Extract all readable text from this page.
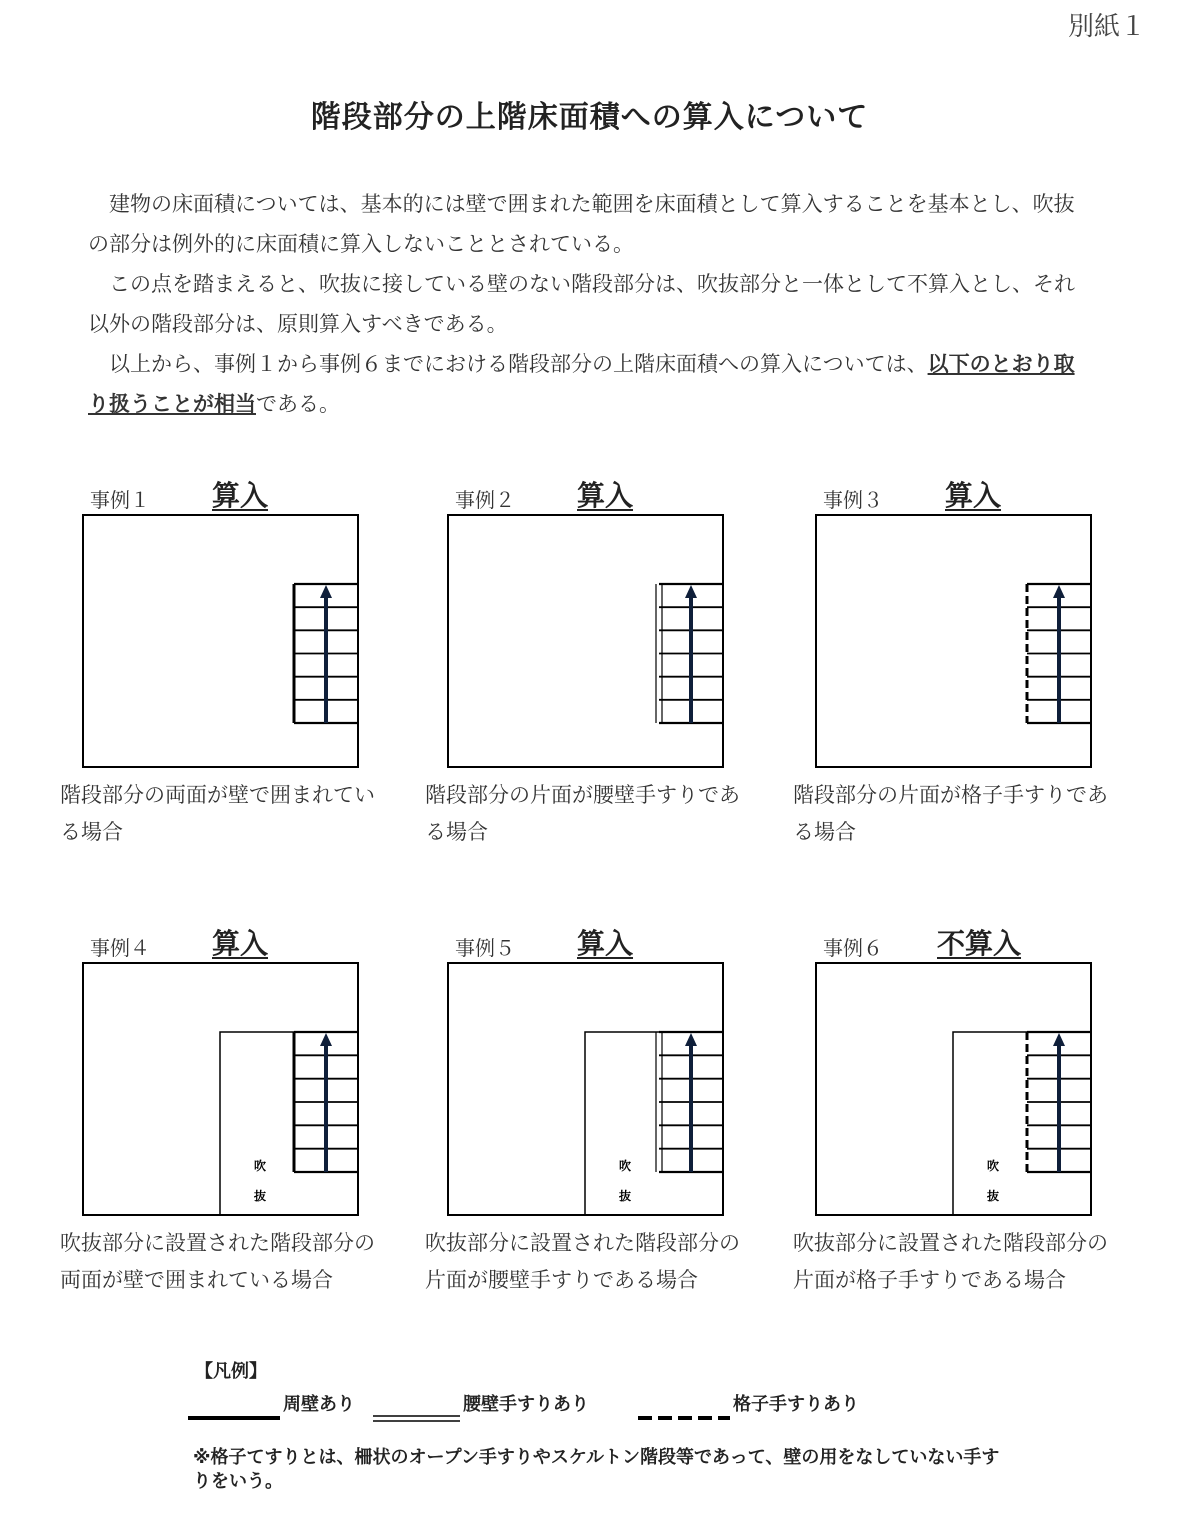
別紙１
階段部分の上階床面積への算入について

建物の床面積については、基本的には壁で囲まれた範囲を床面積として算入することを基本とし、吹抜の部分は例外的に床面積に算入しないこととされている。

この点を踏まえると、吹抜に接している壁のない階段部分は、吹抜部分と一体として不算入とし、それ以外の階段部分は、原則算入すべきである。

以上から、事例１から事例６までにおける階段部分の上階床面積への算入については、以下のとおり取り扱うことが相当である。

事例１ 算入
階段部分の両面が壁で囲まれている場合
事例２ 算入
階段部分の片面が腰壁手すりである場合
事例３ 算入
階段部分の片面が格子手すりである場合
事例４ 算入
吹
抜
吹抜部分に設置された階段部分の両面が壁で囲まれている場合
事例５ 算入
吹
抜
吹抜部分に設置された階段部分の片面が腰壁手すりである場合
事例６ 不算入
吹
抜
吹抜部分に設置された階段部分の片面が格子手すりである場合
【凡例】
周壁あり	腰壁手すりあり	格子手すりあり
※格子てすりとは、柵状のオープン手すりやスケルトン階段等であって、壁の用をなしていない手すりをいう。
